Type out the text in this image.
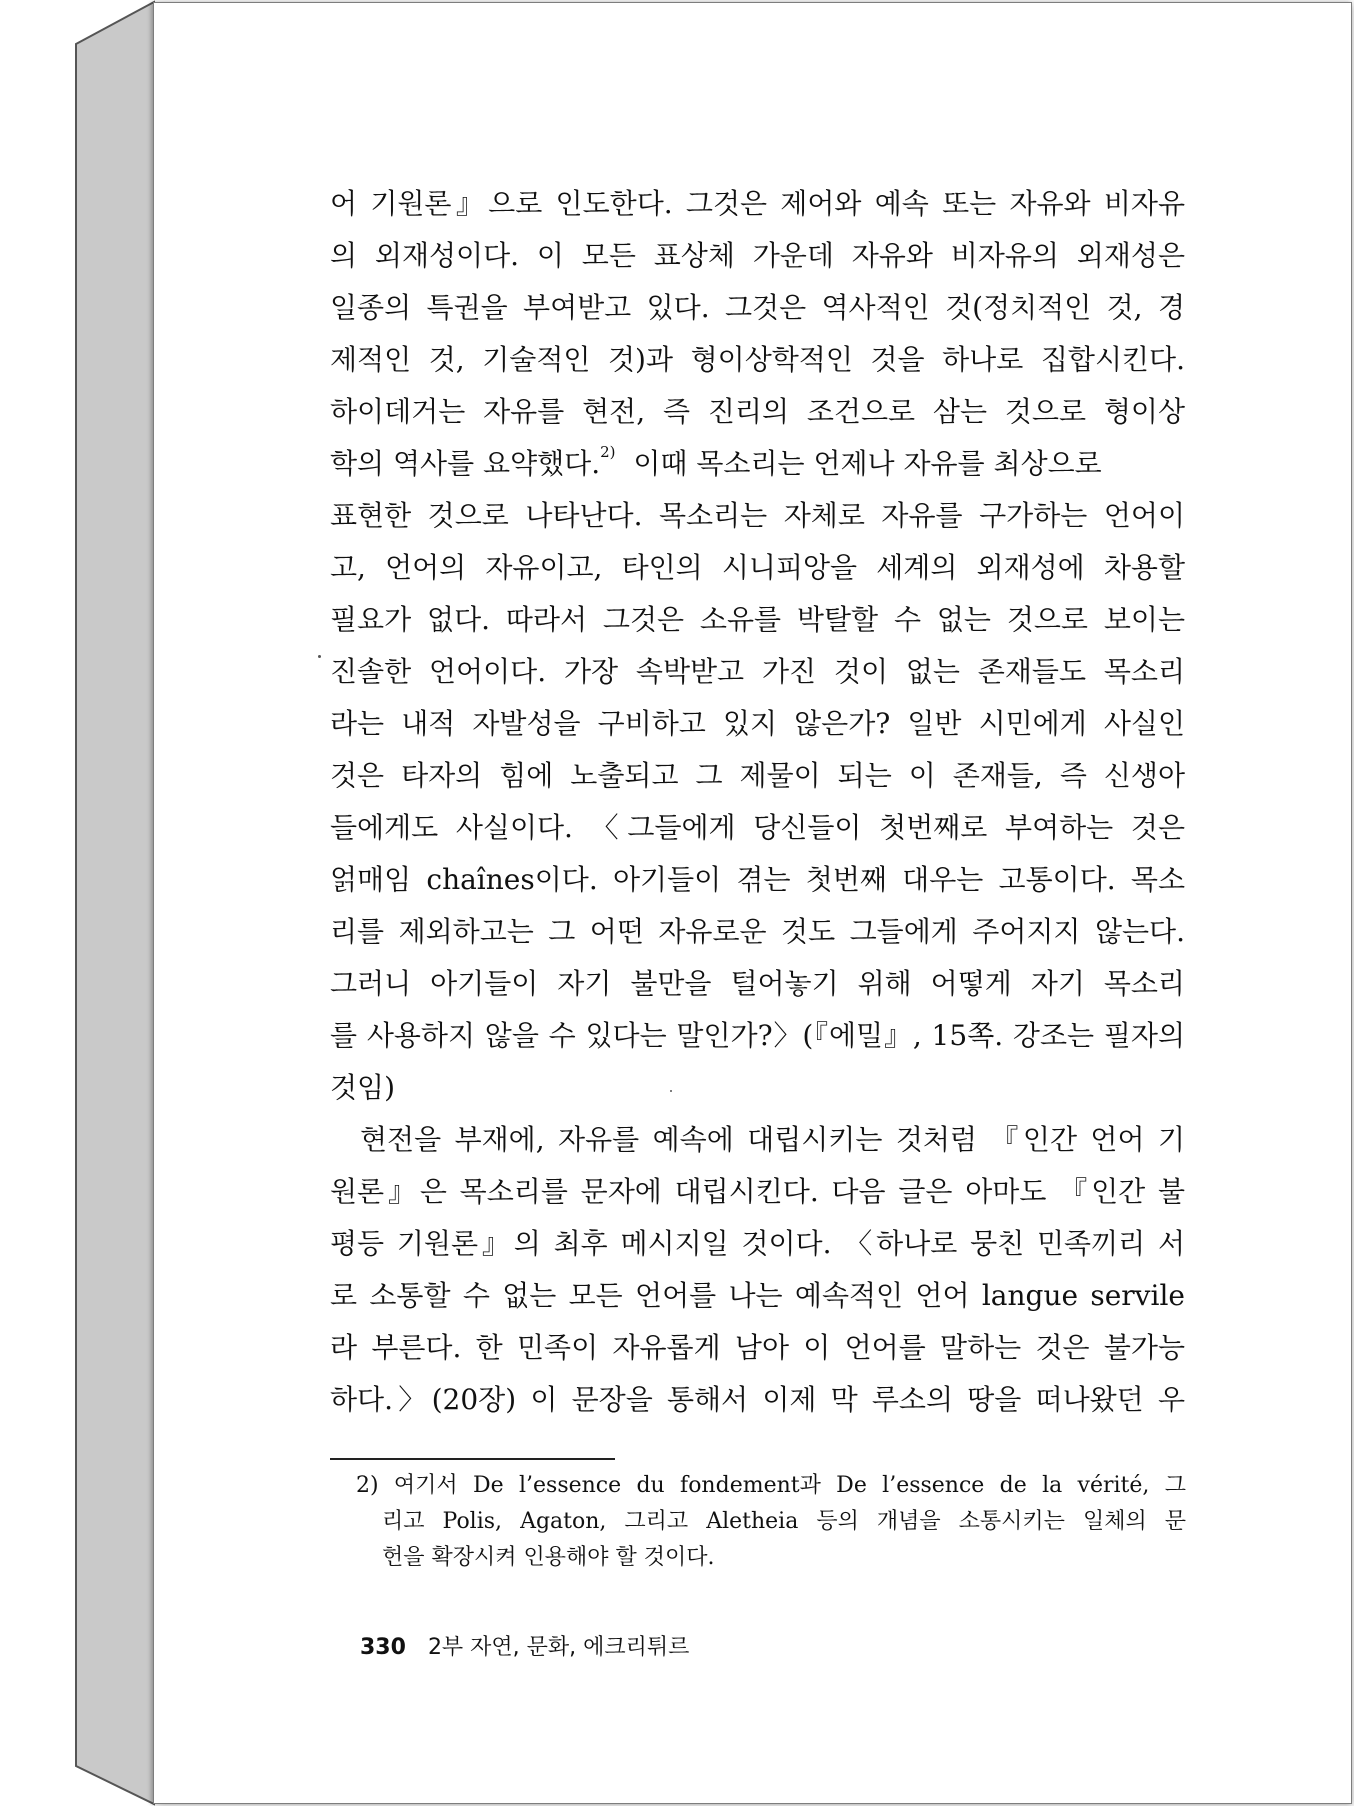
어 기원론』으로 인도한다. 그것은 제어와 예속 또는 자유와 비자유
의 외재성이다. 이 모든 표상체 가운데 자유와 비자유의 외재성은
일종의 특권을 부여받고 있다. 그것은 역사적인 것(정치적인 것, 경
제적인 것, 기술적인 것)과 형이상학적인 것을 하나로 집합시킨다.
하이데거는 자유를 현전, 즉 진리의 조건으로 삼는 것으로 형이상
학의 역사를 요약했다.$^{2)}$ 이때 목소리는 언제나 자유를 최상으로
표현한 것으로 나타난다. 목소리는 자체로 자유를 구가하는 언어이
고, 언어의 자유이고, 타인의 시니피앙을 세계의 외재성에 차용할
필요가 없다. 따라서 그것은 소유를 박탈할 수 없는 것으로 보이는
진솔한 언어이다. 가장 속박받고 가진 것이 없는 존재들도 목소리
라는 내적 자발성을 구비하고 있지 않은가? 일반 시민에게 사실인
것은 타자의 힘에 노출되고 그 제물이 되는 이 존재들, 즉 신생아
들에게도 사실이다. 〈그들에게 당신들이 첫번째로 부여하는 것은
얽매임 chaînes이다. 아기들이 겪는 첫번째 대우는 고통이다. 목소
리를 제외하고는 그 어떤 자유로운 것도 그들에게 주어지지 않는다.
그러니 아기들이 자기 불만을 털어놓기 위해 어떻게 자기 목소리
를 사용하지 않을 수 있다는 말인가?〉(『에밀』, 15쪽. 강조는 필자의
것임)
현전을 부재에, 자유를 예속에 대립시키는 것처럼 『인간 언어 기
원론』은 목소리를 문자에 대립시킨다. 다음 글은 아마도 『인간 불
평등 기원론』의 최후 메시지일 것이다. 〈하나로 뭉친 민족끼리 서
로 소통할 수 없는 모든 언어를 나는 예속적인 언어 langue servile
라 부른다. 한 민족이 자유롭게 남아 이 언어를 말하는 것은 불가능
하다.〉(20장) 이 문장을 통해서 이제 막 루소의 땅을 떠나왔던 우
2) 여기서 De l’essence du fondement과 De l’essence de la vérité, 그
리고 Polis, Agaton, 그리고 Aletheia 등의 개념을 소통시키는 일체의 문
헌을 확장시켜 인용해야 할 것이다.
330 2부 자연, 문화, 에크리튀르
